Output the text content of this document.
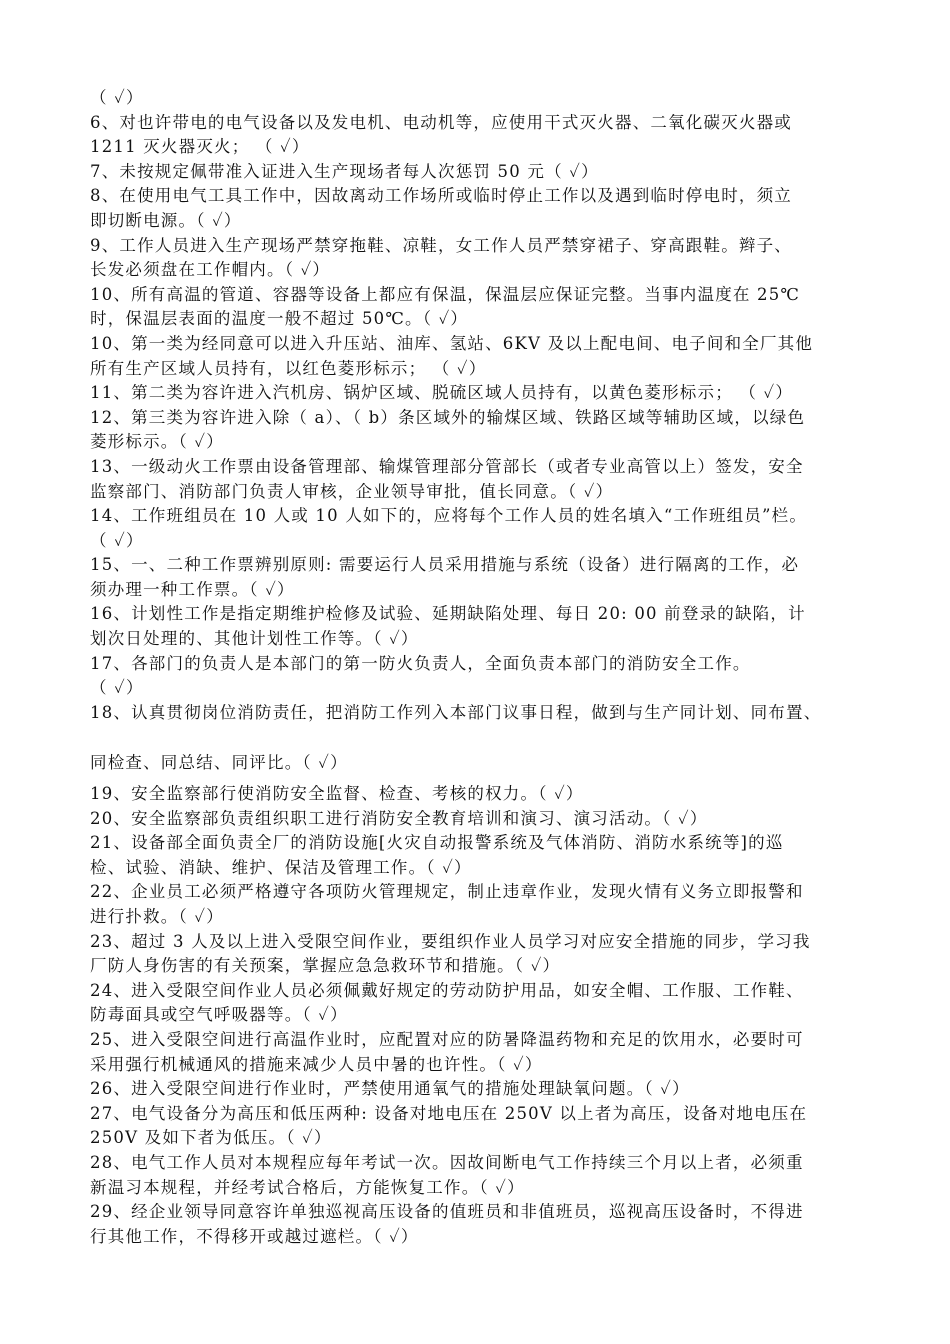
（ ✓）
6、对也许带电的电气设备以及发电机、电动机等，应使用干式灭火器、二氧化碳灭火器或
1211 灭火器灭火； （ ✓）
7、未按规定佩带准入证进入生产现场者每人次惩罚 50 元（ ✓）
8、在使用电气工具工作中，因故离动工作场所或临时停止工作以及遇到临时停电时，须立
即切断电源。（ ✓）
9、工作人员进入生产现场严禁穿拖鞋、凉鞋，女工作人员严禁穿裙子、穿高跟鞋。辫子、
长发必须盘在工作帽内。（ ✓）
10、所有高温的管道、容器等设备上都应有保温，保温层应保证完整。当事内温度在 25℃
时，保温层表面的温度一般不超过 50℃。（ ✓）
10、第一类为经同意可以进入升压站、油库、氢站、6KV 及以上配电间、电子间和全厂其他
所有生产区域人员持有，以红色菱形标示； （ ✓）
11、第二类为容许进入汽机房、锅炉区域、脱硫区域人员持有，以黄色菱形标示； （ ✓）
12、第三类为容许进入除（ a）、（ b）条区域外的输煤区域、铁路区域等辅助区域，以绿色
菱形标示。（ ✓）
13、一级动火工作票由设备管理部、输煤管理部分管部长（或者专业高管以上）签发，安全
监察部门、消防部门负责人审核，企业领导审批，值长同意。（ ✓）
14、工作班组员在 10 人或 10 人如下的，应将每个工作人员的姓名填入“工作班组员”栏。
（ ✓）
15、一、二种工作票辨别原则: 需要运行人员采用措施与系统（设备）进行隔离的工作，必
须办理一种工作票。（ ✓）
16、计划性工作是指定期维护检修及试验、延期缺陷处理、每日 20: 00 前登录的缺陷，计
划次日处理的、其他计划性工作等。（ ✓）
17、各部门的负责人是本部门的第一防火负责人，全面负责本部门的消防安全工作。
（ ✓）
18、认真贯彻岗位消防责任，把消防工作列入本部门议事日程，做到与生产同计划、同布置、
同检查、同总结、同评比。（ ✓）
19、安全监察部行使消防安全监督、检查、考核的权力。（ ✓）
20、安全监察部负责组织职工进行消防安全教育培训和演习、演习活动。（ ✓）
21、设备部全面负责全厂的消防设施[火灾自动报警系统及气体消防、消防水系统等]的巡
检、试验、消缺、维护、保洁及管理工作。（ ✓）
22、企业员工必须严格遵守各项防火管理规定，制止违章作业，发现火情有义务立即报警和
进行扑救。（ ✓）
23、超过 3 人及以上进入受限空间作业，要组织作业人员学习对应安全措施的同步，学习我
厂防人身伤害的有关预案，掌握应急急救环节和措施。（ ✓）
24、进入受限空间作业人员必须佩戴好规定的劳动防护用品，如安全帽、工作服、工作鞋、
防毒面具或空气呼吸器等。（ ✓）
25、进入受限空间进行高温作业时，应配置对应的防暑降温药物和充足的饮用水，必要时可
采用强行机械通风的措施来减少人员中暑的也许性。（ ✓）
26、进入受限空间进行作业时，严禁使用通氧气的措施处理缺氧问题。（ ✓）
27、电气设备分为高压和低压两种: 设备对地电压在 250V 以上者为高压，设备对地电压在
250V 及如下者为低压。（ ✓）
28、电气工作人员对本规程应每年考试一次。因故间断电气工作持续三个月以上者，必须重
新温习本规程，并经考试合格后，方能恢复工作。（ ✓）
29、经企业领导同意容许单独巡视高压设备的值班员和非值班员，巡视高压设备时，不得进
行其他工作，不得移开或越过遮栏。（ ✓）
